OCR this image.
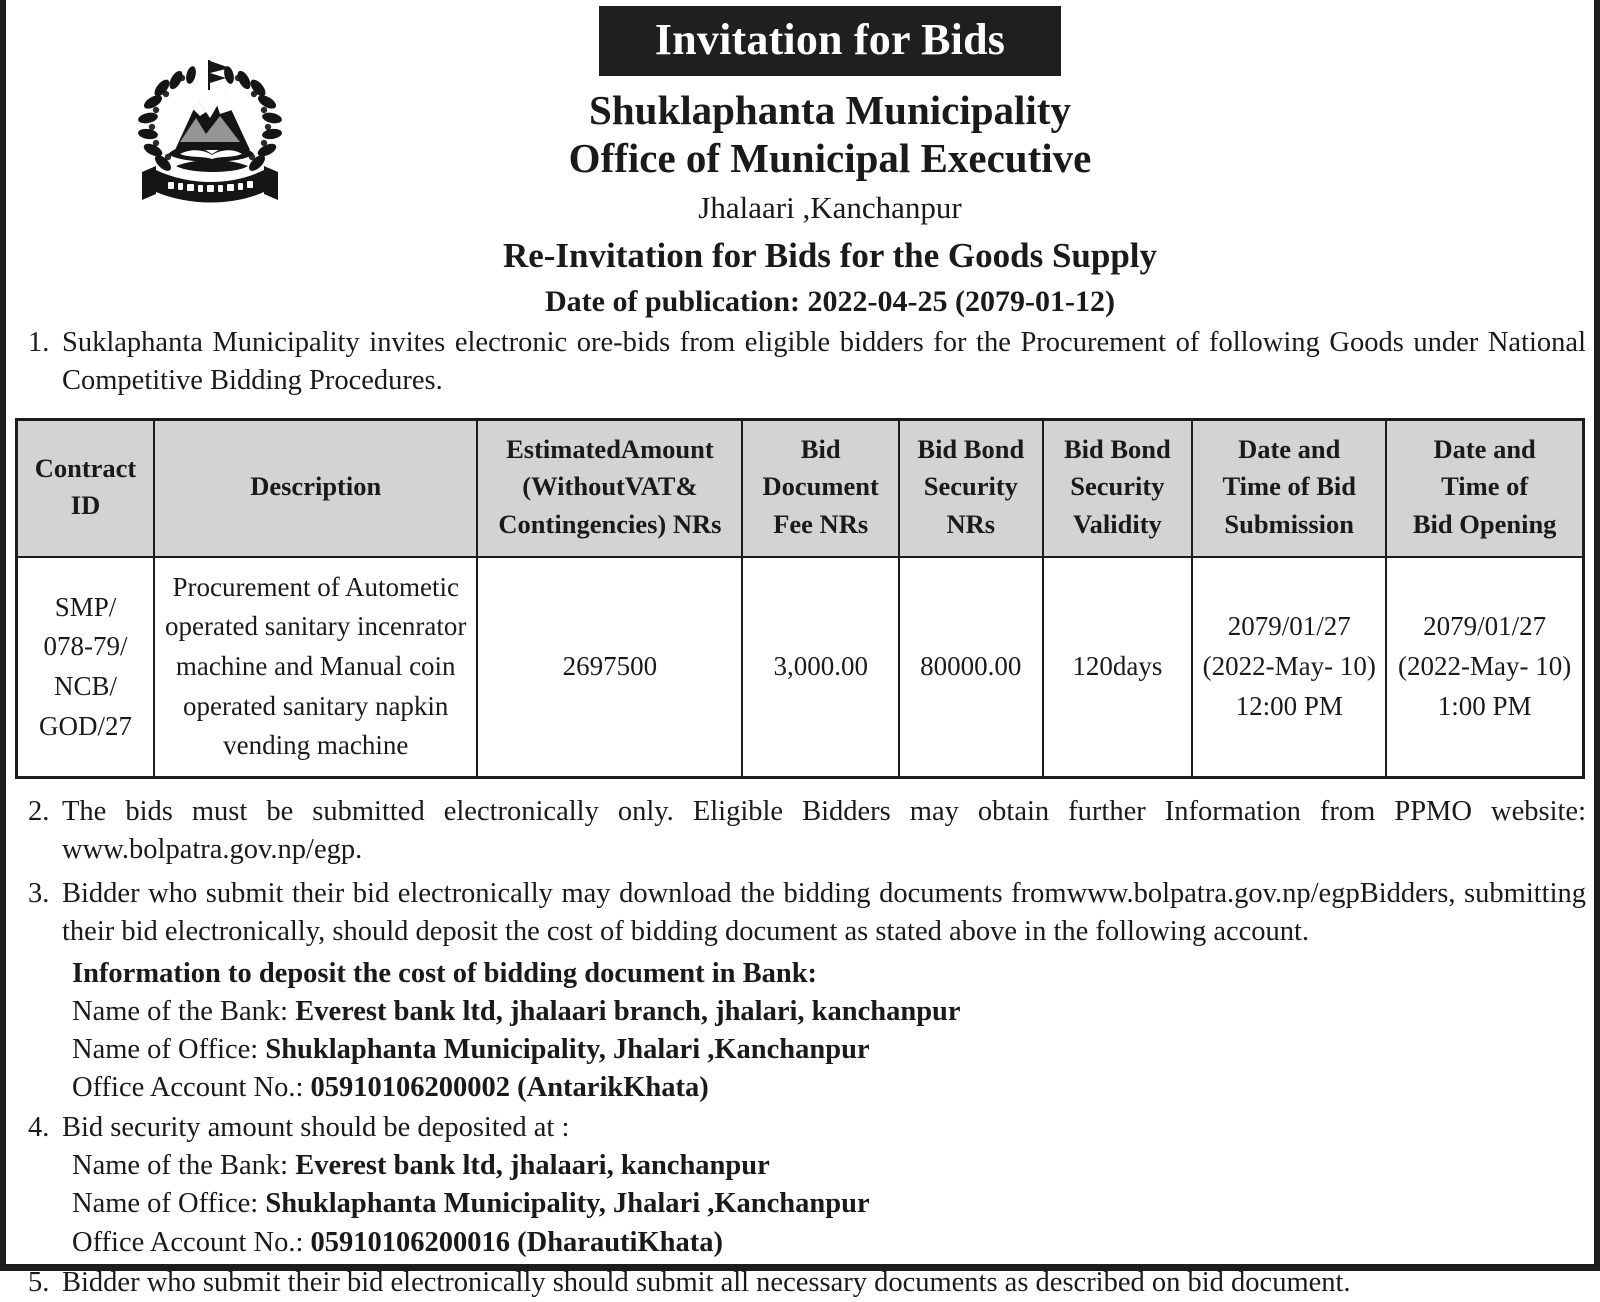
Invitation for Bids
Shuklaphanta Municipality
Office of Municipal Executive
Jhalaari ,Kanchanpur
Re-Invitation for Bids for the Goods Supply
Date of publication: 2022-04-25 (2079-01-12)
1. Suklaphanta Municipality invites electronic ore-bids from eligible bidders for the Procurement of following Goods under National Competitive Bidding Procedures.
Contract
ID	Description	EstimatedAmount
(WithoutVAT&
Contingencies) NRs	Bid
Document
Fee NRs	Bid Bond
Security
NRs	Bid Bond
Security
Validity	Date and
Time of Bid
Submission	Date and
Time of
Bid Opening
SMP/
078-79/
NCB/
GOD/27	Procurement of Autometic operated sanitary incenrator machine and Manual coin operated sanitary napkin vending machine	2697500	3,000.00	80000.00	120days	2079/01/27
(2022-May- 10)
12:00 PM	2079/01/27
(2022-May- 10)
1:00 PM
2. The bids must be submitted electronically only. Eligible Bidders may obtain further Information from PPMO website: www.bolpatra.gov.np/egp.
3. Bidder who submit their bid electronically may download the bidding documents fromwww.bolpatra.gov.np/egpBidders, submitting their bid electronically, should deposit the cost of bidding document as stated above in the following account.
Information to deposit the cost of bidding document in Bank:
Name of the Bank: Everest bank ltd, jhalaari branch, jhalari, kanchanpur
Name of Office: Shuklaphanta Municipality, Jhalari ,Kanchanpur
Office Account No.: 05910106200002 (AntarikKhata)
4. Bid security amount should be deposited at :
Name of the Bank: Everest bank ltd, jhalaari, kanchanpur
Name of Office: Shuklaphanta Municipality, Jhalari ,Kanchanpur
Office Account No.: 05910106200016 (DharautiKhata)
5. Bidder who submit their bid electronically should submit all necessary documents as described on bid document.
